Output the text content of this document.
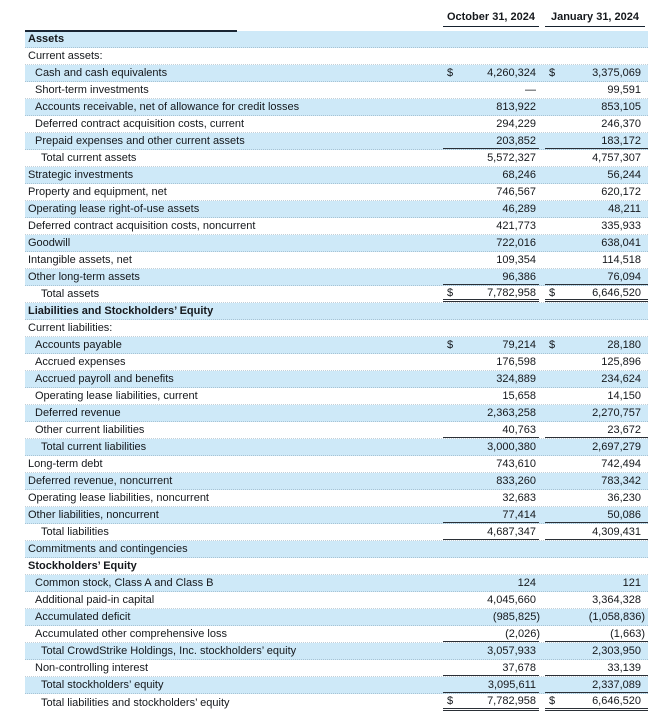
October 31, 2024	January 31, 2024
Assets
Current assets:
Cash and cash equivalents	$	4,260,324	$	3,375,069
Short-term investments	—	99,591
Accounts receivable, net of allowance for credit losses	813,922	853,105
Deferred contract acquisition costs, current	294,229	246,370
Prepaid expenses and other current assets	203,852	183,172
Total current assets	5,572,327	4,757,307
Strategic investments	68,246	56,244
Property and equipment, net	746,567	620,172
Operating lease right-of-use assets	46,289	48,211
Deferred contract acquisition costs, noncurrent	421,773	335,933
Goodwill	722,016	638,041
Intangible assets, net	109,354	114,518
Other long-term assets	96,386	76,094
Total assets	$	7,782,958	$	6,646,520
Liabilities and Stockholders’ Equity
Current liabilities:
Accounts payable	$	79,214	$	28,180
Accrued expenses	176,598	125,896
Accrued payroll and benefits	324,889	234,624
Operating lease liabilities, current	15,658	14,150
Deferred revenue	2,363,258	2,270,757
Other current liabilities	40,763	23,672
Total current liabilities	3,000,380	2,697,279
Long-term debt	743,610	742,494
Deferred revenue, noncurrent	833,260	783,342
Operating lease liabilities, noncurrent	32,683	36,230
Other liabilities, noncurrent	77,414	50,086
Total liabilities	4,687,347	4,309,431
Commitments and contingencies
Stockholders’ Equity
Common stock, Class A and Class B	124	121
Additional paid-in capital	4,045,660	3,364,328
Accumulated deficit	(985,825)	(1,058,836)
Accumulated other comprehensive loss	(2,026)	(1,663)
Total CrowdStrike Holdings, Inc. stockholders’ equity	3,057,933	2,303,950
Non-controlling interest	37,678	33,139
Total stockholders’ equity	3,095,611	2,337,089
Total liabilities and stockholders’ equity	$	7,782,958	$	6,646,520
